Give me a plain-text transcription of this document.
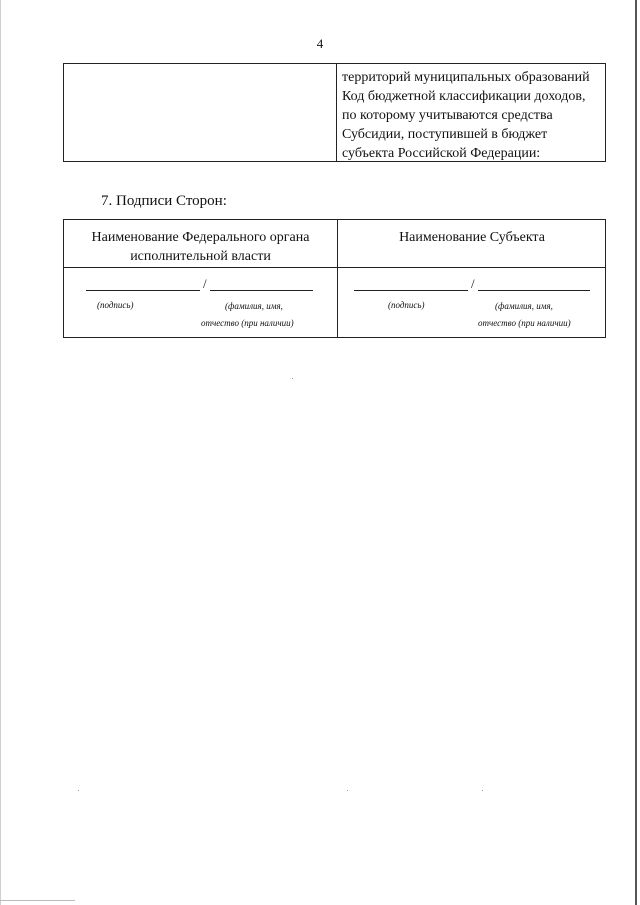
4
территорий муниципальных образований
Код бюджетной классификации доходов,
по которому учитываются средства
Субсидии, поступившей в бюджет
субъекта Российской Федерации:
7. Подписи Сторон:
Наименование Федерального органа
исполнительной власти
Наименование Субъекта
/
(подпись)	(фамилия, имя,
отчество (при наличии)
/
(подпись)	(фамилия, имя,
отчество (при наличии)
